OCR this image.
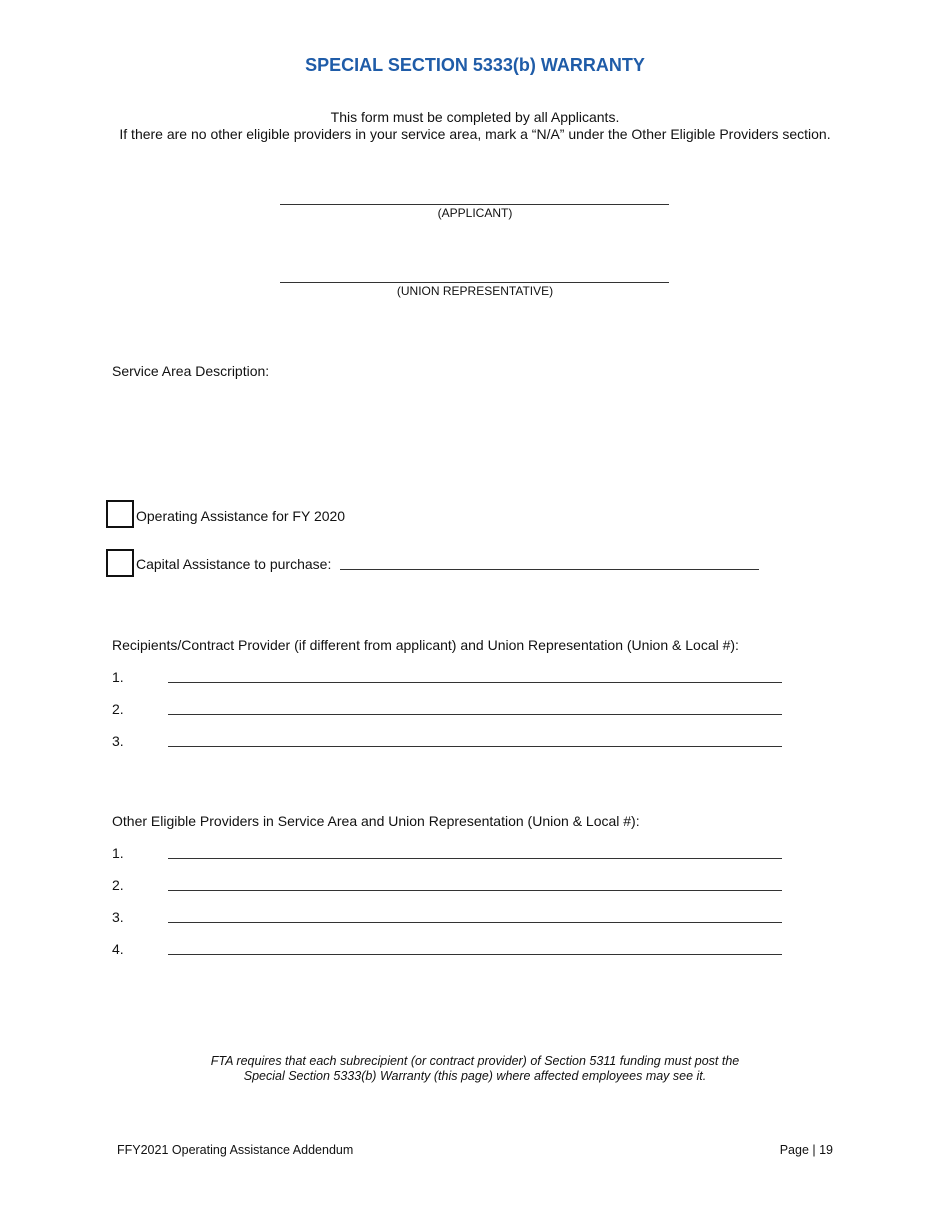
SPECIAL SECTION 5333(b) WARRANTY
This form must be completed by all Applicants.
If there are no other eligible providers in your service area, mark a “N/A” under the Other Eligible Providers section.
(APPLICANT)
(UNION REPRESENTATIVE)
Service Area Description:
Operating Assistance for FY 2020
Capital Assistance to purchase:
Recipients/Contract Provider (if different from applicant) and Union Representation (Union & Local #):
1.
2.
3.
Other Eligible Providers in Service Area and Union Representation (Union & Local #):
1.
2.
3.
4.
FTA requires that each subrecipient (or contract provider) of Section 5311 funding must post the
Special Section 5333(b) Warranty (this page) where affected employees may see it.
FFY2021 Operating Assistance Addendum	Page | 19
